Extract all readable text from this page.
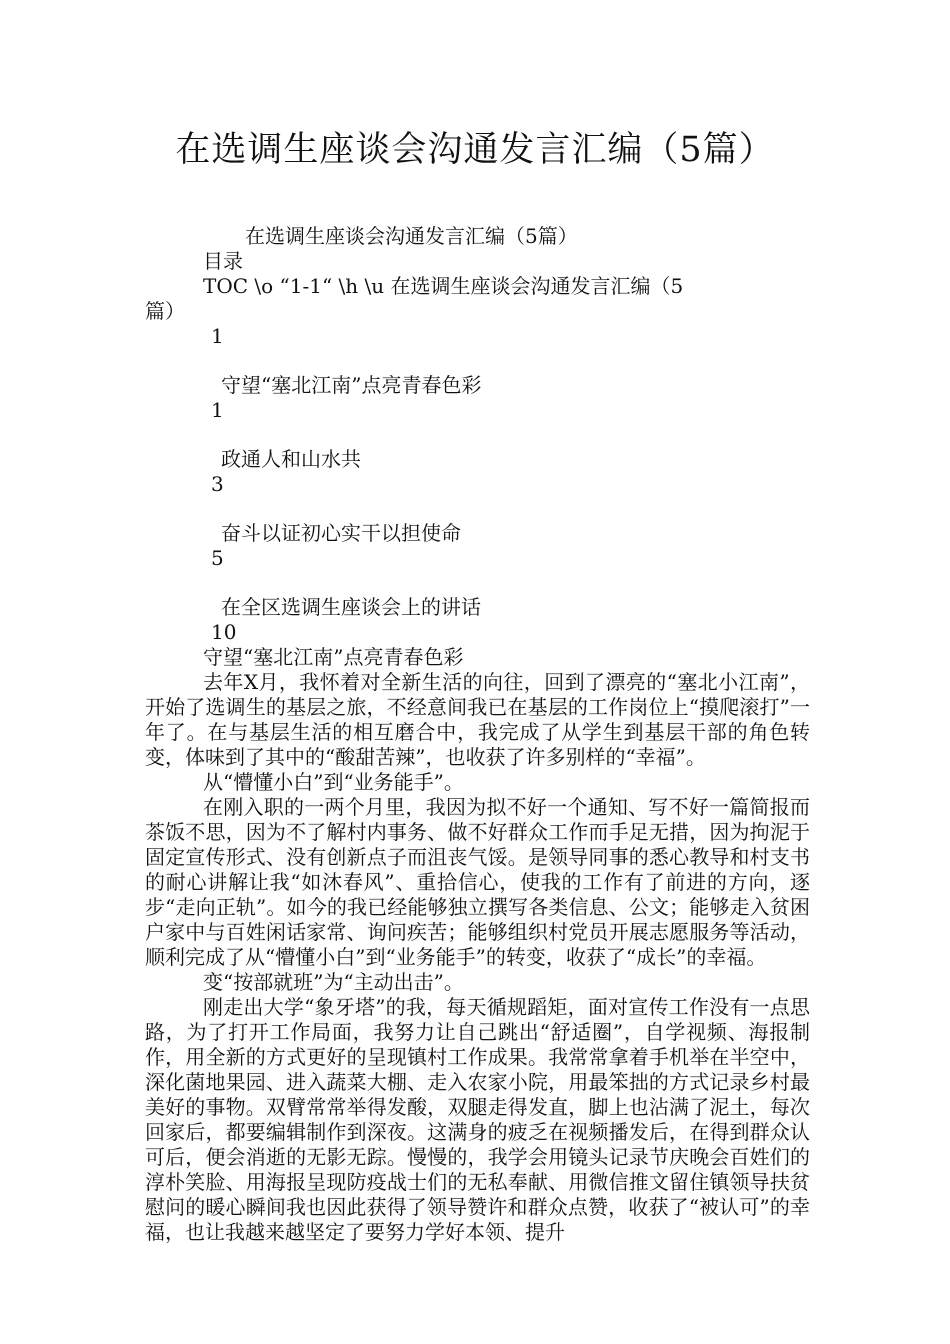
在选调生座谈会沟通发言汇编（5篇）
在选调生座谈会沟通发言汇编（5篇）
目录
TOC \o “1-1“ \h \u 在选调生座谈会沟通发言汇编（5
篇）
1
守望“塞北江南”点亮青春色彩
1
政通人和山水共
3
奋斗以证初心实干以担使命
5
在全区选调生座谈会上的讲话
10
守望“塞北江南”点亮青春色彩

去年X月，我怀着对全新生活的向往，回到了漂亮的“塞北小江南”，开始了选调生的基层之旅，不经意间我已在基层的工作岗位上“摸爬滚打”一年了。在与基层生活的相互磨合中，我完成了从学生到基层干部的角色转变，体味到了其中的“酸甜苦辣”，也收获了许多别样的“幸福”。

从“懵懂小白”到“业务能手”。

在刚入职的一两个月里，我因为拟不好一个通知、写不好一篇简报而茶饭不思，因为不了解村内事务、做不好群众工作而手足无措，因为拘泥于固定宣传形式、没有创新点子而沮丧气馁。是领导同事的悉心教导和村支书的耐心讲解让我“如沐春风”、重拾信心，使我的工作有了前进的方向，逐步“走向正轨”。如今的我已经能够独立撰写各类信息、公文；能够走入贫困户家中与百姓闲话家常、询问疾苦；能够组织村党员开展志愿服务等活动，顺利完成了从“懵懂小白”到“业务能手”的转变，收获了“成长”的幸福。

变“按部就班”为“主动出击”。

刚走出大学“象牙塔”的我，每天循规蹈矩，面对宣传工作没有一点思路，为了打开工作局面，我努力让自己跳出“舒适圈”，自学视频、海报制作，用全新的方式更好的呈现镇村工作成果。我常常拿着手机举在半空中，深化菌地果园、进入蔬菜大棚、走入农家小院，用最笨拙的方式记录乡村最美好的事物。双臂常常举得发酸，双腿走得发直，脚上也沾满了泥土，每次回家后，都要编辑制作到深夜。这满身的疲乏在视频播发后，在得到群众认可后，便会消逝的无影无踪。慢慢的，我学会用镜头记录节庆晚会百姓们的淳朴笑脸、用海报呈现防疫战士们的无私奉献、用微信推文留住镇领导扶贫慰问的暖心瞬间我也因此获得了领导赞许和群众点赞，收获了“被认可”的幸福，也让我越来越坚定了要努力学好本领、提升
